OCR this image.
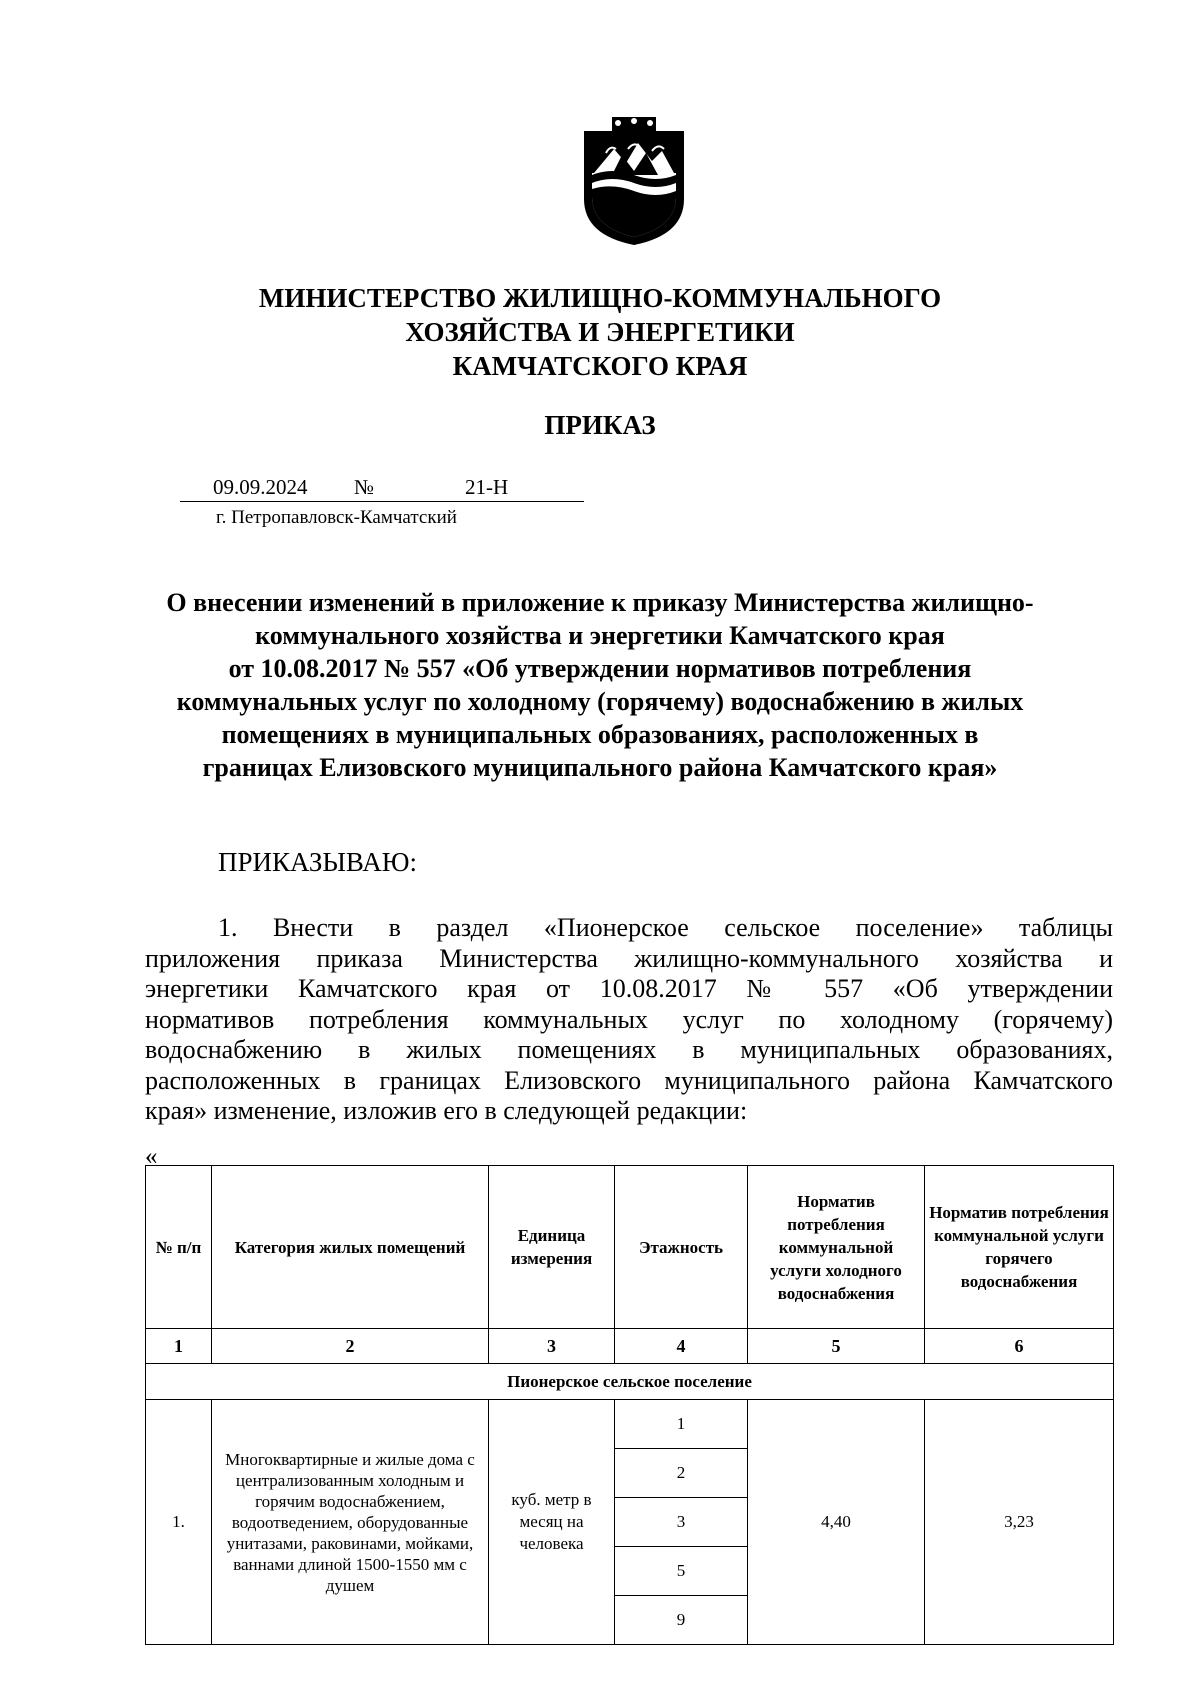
МИНИСТЕРСТВО ЖИЛИЩНО-КОММУНАЛЬНОГО
ХОЗЯЙСТВА И ЭНЕРГЕТИКИ
КАМЧАТСКОГО КРАЯ
ПРИКАЗ
09.09.2024 №	21-Н
г. Петропавловск-Камчатский
О внесении изменений в приложение к приказу Министерства жилищно-
коммунального хозяйства и энергетики Камчатского края
от 10.08.2017 № 557 «Об утверждении нормативов потребления
коммунальных услуг по холодному (горячему) водоснабжению в жилых
помещениях в муниципальных образованиях, расположенных в
границах Елизовского муниципального района Камчатского края»
ПРИКАЗЫВАЮ:
1. Внести в раздел «Пионерское сельское поселение» таблицы
приложения приказа Министерства жилищно-коммунального хозяйства и
энергетики Камчатского края от 10.08.2017 № 557 «Об утверждении
нормативов потребления коммунальных услуг по холодному (горячему)
водоснабжению в жилых помещениях в муниципальных образованиях,
расположенных в границах Елизовского муниципального района Камчатского
края» изменение, изложив его в следующей редакции:
«
№ п/п	Категория жилых помещений	Единица измерения	Этажность	Норматив потребления коммунальной услуги холодного водоснабжения	Норматив потребления коммунальной услуги горячего водоснабжения
1	2	3	4	5	6
Пионерское сельское поселение					
1.	Многоквартирные и жилые дома с централизованным холодным и горячим водоснабжением, водоотведением, оборудованные унитазами, раковинами, мойками, ваннами длиной 1500-1550 мм с душем	куб. метр в месяц на человека	1	4,40	3,23
			2		
			3		
			5		
			9		
